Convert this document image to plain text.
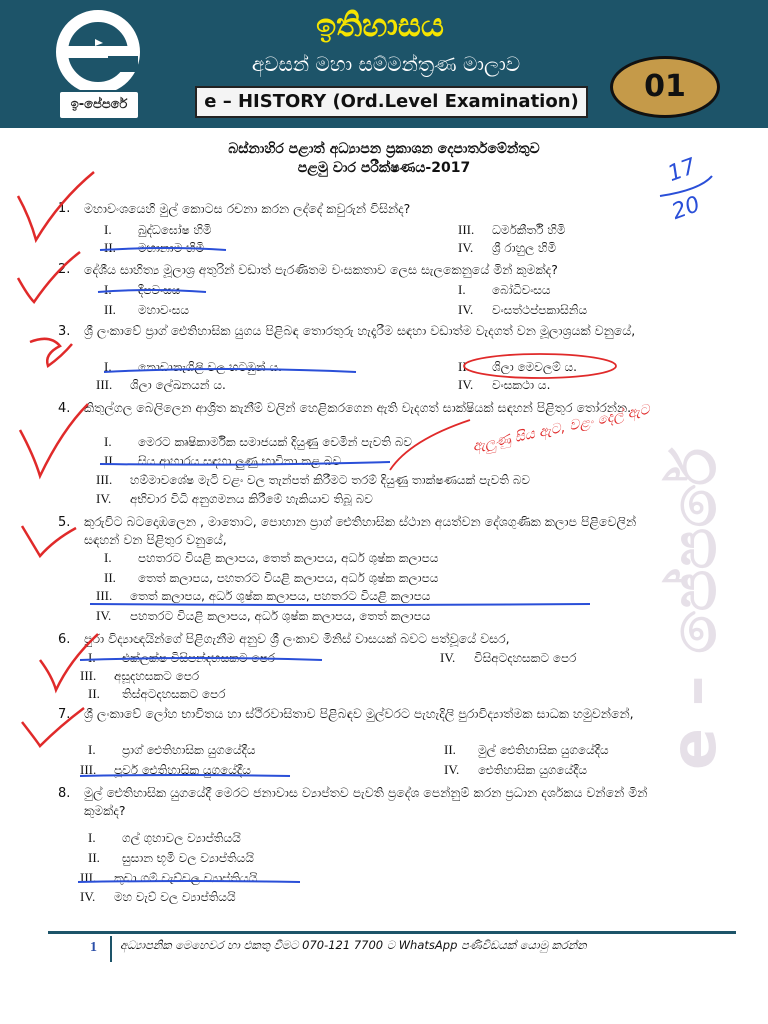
ඉ-පේපරේ
ඉතිහාසය
අවසන් මහා සම්මන්ත්‍රණ මාලාව
e – HISTORY (Ord.Level Examination)	01
බස්නාහිර පළාත් අධ්‍යාපන ප්‍රකාශන දෙපාර්තමේන්තුව
පළමු වාර පරීක්ෂණය-2017
e – පේපරේ
1. මහාවංශයෙහි මුල් කොටස රචනා කරන ලද්දේ කවුරුන් විසින්ද?
I. බුද්ධඝෝෂ හිමි	III. ධර්මකීර්ති හිමි
II. මහානාම හිමි	IV. ශ්‍රී රාහුල හිමි
2. දේශීය සාහිත්‍ය මූලාශ්‍ර අතුරින් වඩාත් පැරණිතම වංසකතාව ලෙස සැලකෙනුයේ මින් කුමක්ද?
I. දීපවංසය	I. බෝධිවංසය
II. මහාවංසය	IV. වංසත්ථප්පකාසිනිය
3. ශ්‍රී ලංකාවේ ප්‍රාග් ඓතිහාසික යුගය පිළිබඳ තොරතුරු හැදෑරීම සඳහා වඩාත්ම වැදගත් වන මූලාශ්‍රයක් වනුයේ,
I. නොඩානැගිලි වල හටඹුන් ය.	II. ශිලා මෙවලම් ය.
III. ශිලා ලේඛනයන් ය.	IV. වංසකථා ය.
4. කිතුල්ගල බෙලිලෙන ආශ්‍රිත කැනීම් වලින් හෙළිකරගෙන ඇති වැදගත් සාක්ෂියක් සඳහන් පිළිතුර තෝරන්න.
I. මෙරට කෘෂිකාර්මික සමාජයක් දියුණු වෙමින් පැවති බව
II. සිය ආහාරය සඳහා ලුණු භාවිතා කළ බව
III. හම්මාවශේෂ මැටි වළං වල තැන්පත් කිරීමට තරම් දියුණු තාක්ෂණයක් පැවති බව
IV. අභිචාර විධි අනුගමනය කිරීමේ හැකියාව තිබූ බව
5. කුරුවිට බටදොඹලෙන , මාතොට, පොහාන ප්‍රාග් ඓතිහාසික ස්ථාන අයත්වන දේශගුණික කලාප පිළිවෙලින් සඳහන් වන පිළිතුර වනුයේ,
I. පහතරට වියළි කලාපය, තෙත් කලාපය, අර්ධ ශුෂ්ක කලාපය
II. තෙත් කලාපය, පහතරට වියළි කලාපය, අර්ධ ශුෂ්ක කලාපය
III. තෙත් කලාපය, අර්ධ ශුෂ්ක කලාපය, පහතරට වියළි කලාපය
IV. පහතරට වියළි කලාපය, අර්ධ ශුෂ්ක කලාපය, තෙත් කලාපය
6. පුරා විද්‍යාඥයින්ගේ පිළිගැනීම අනුව ශ්‍රී ලංකාව මිනිස් වාසයක් බවට පත්වූයේ වසර,
I. එක්ලක්ෂ විසිපන්දහසකට පෙර	IV. විසිඅටදහසකට පෙර
III. අසූදහසකට පෙර
II. තිස්අටදහසකට පෙර
7. ශ්‍රී ලංකාවේ ලෝහ භාවිතය හා ස්ථිරවාසිතාව පිළිබඳව මුල්වරට පැහැදිලි පුරාවිද්‍යාත්මක සාධක හමුවන්නේ,
I. ප්‍රාග් ඓතිහාසික යුගයේදීය	II. මුල් ඓතිහාසික යුගයේදීය
III. පූර්ව ඓතිහාසික යුගයේදීය	IV. ඓතිහාසික යුගයේදීය
8. මුල් ඓතිහාසික යුගයේදී මෙරට ජනාවාස ව්‍යාප්තව පැවති ප්‍රදේශ පෙන්නුම් කරන ප්‍රධාන දර්ශකය වන්නේ මින් කුමක්ද?
I. ගල් ගුහාවල ව්‍යාප්තියයි
II. සුසාන භූමි වල ව්‍යාප්තියයි
III. කුඩා ගම් වැව්වල ව්‍යාප්තියයි
IV. මහ වැව් වල ව්‍යාප්තියයි
17
20
ඇලුණු සිය ඇට, වළං දෙල් ඇට
1 අධ්‍යාපනික මෙහෙවර හා එකතු වීමට 070-121 7700 ට WhatsApp පණිවිඩයක් යොමු කරන්න
